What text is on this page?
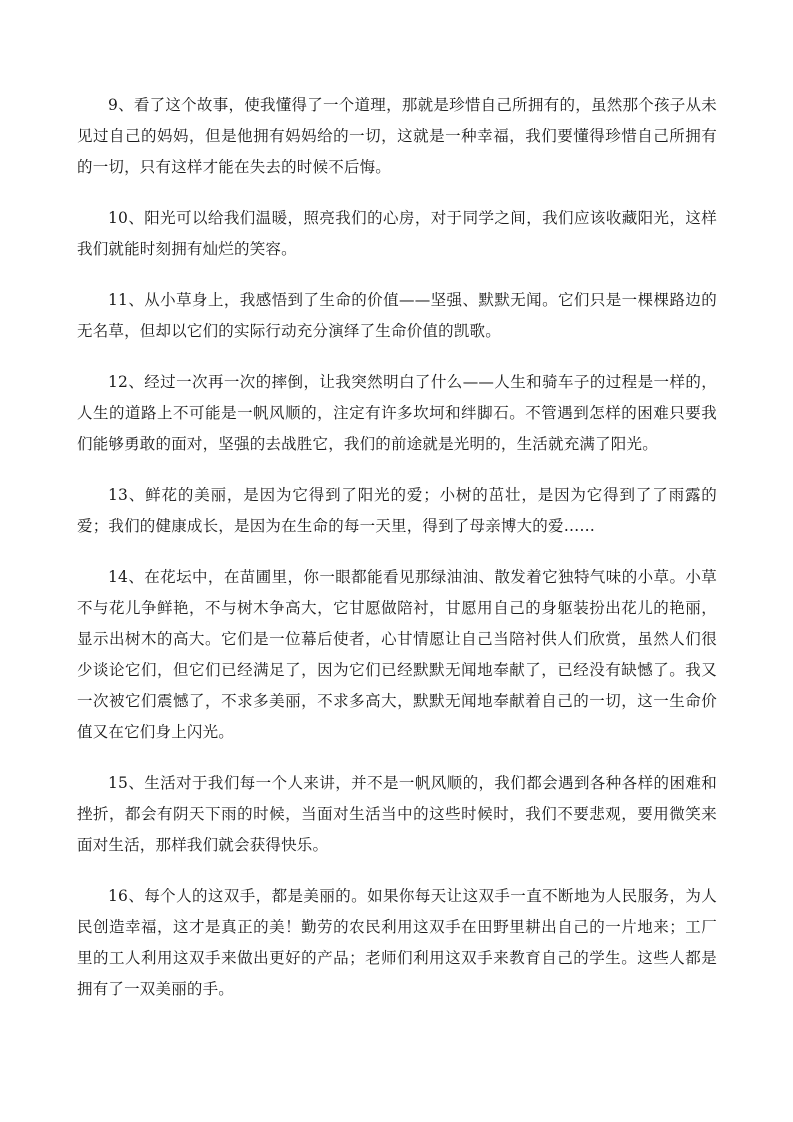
9、看了这个故事，使我懂得了一个道理，那就是珍惜自己所拥有的，虽然那个孩子从未见过自己的妈妈，但是他拥有妈妈给的一切，这就是一种幸福，我们要懂得珍惜自己所拥有的一切，只有这样才能在失去的时候不后悔。

10、阳光可以给我们温暖，照亮我们的心房，对于同学之间，我们应该收藏阳光，这样我们就能时刻拥有灿烂的笑容。

11、从小草身上，我感悟到了生命的价值——坚强、默默无闻。它们只是一棵棵路边的无名草，但却以它们的实际行动充分演绎了生命价值的凯歌。

12、经过一次再一次的摔倒，让我突然明白了什么——人生和骑车子的过程是一样的，人生的道路上不可能是一帆风顺的，注定有许多坎坷和绊脚石。不管遇到怎样的困难只要我们能够勇敢的面对，坚强的去战胜它，我们的前途就是光明的，生活就充满了阳光。

13、鲜花的美丽，是因为它得到了阳光的爱；小树的茁壮，是因为它得到了了雨露的爱；我们的健康成长，是因为在生命的每一天里，得到了母亲博大的爱……

14、在花坛中，在苗圃里，你一眼都能看见那绿油油、散发着它独特气味的小草。小草不与花儿争鲜艳，不与树木争高大，它甘愿做陪衬，甘愿用自己的身躯装扮出花儿的艳丽，显示出树木的高大。它们是一位幕后使者，心甘情愿让自己当陪衬供人们欣赏，虽然人们很少谈论它们，但它们已经满足了，因为它们已经默默无闻地奉献了，已经没有缺憾了。我又一次被它们震憾了，不求多美丽，不求多高大，默默无闻地奉献着自己的一切，这一生命价值又在它们身上闪光。

15、生活对于我们每一个人来讲，并不是一帆风顺的，我们都会遇到各种各样的困难和挫折，都会有阴天下雨的时候，当面对生活当中的这些时候时，我们不要悲观，要用微笑来面对生活，那样我们就会获得快乐。

16、每个人的这双手，都是美丽的。如果你每天让这双手一直不断地为人民服务，为人民创造幸福，这才是真正的美！勤劳的农民利用这双手在田野里耕出自己的一片地来；工厂里的工人利用这双手来做出更好的产品；老师们利用这双手来教育自己的学生。这些人都是拥有了一双美丽的手。
